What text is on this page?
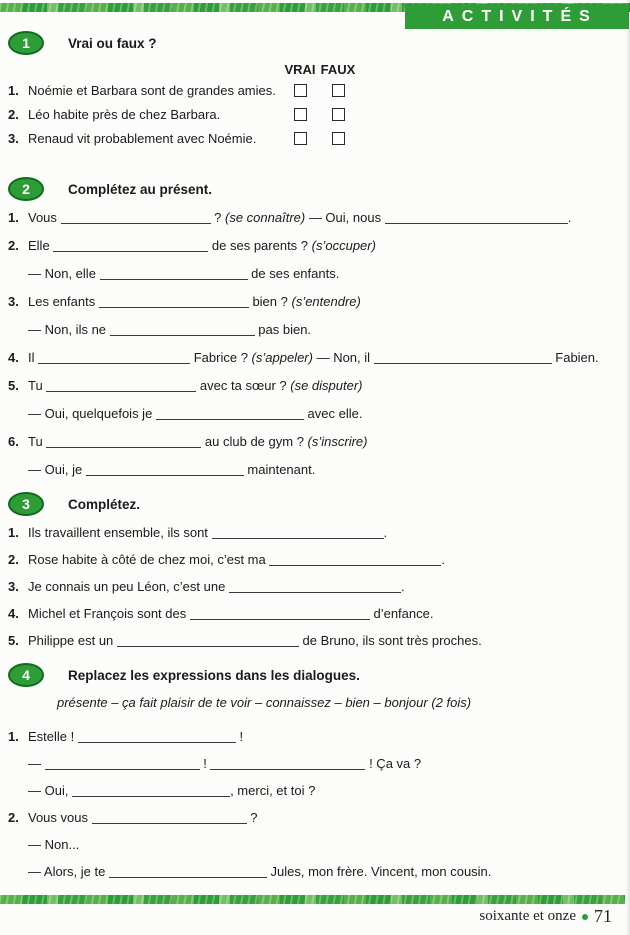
ACTIVITÉS
1	Vrai ou faux ?
VRAI FAUX
1. Noémie et Barbara sont de grandes amies.
2. Léo habite près de chez Barbara.
3. Renaud vit probablement avec Noémie.
2	Complétez au présent.
1. Vous	? (se connaître) — Oui, nous	.
2. Elle	de ses parents ? (s’occuper)
— Non, elle	de ses enfants.
3. Les enfants	bien ? (s’entendre)
— Non, ils ne	pas bien.
4. Il	Fabrice ? (s’appeler) — Non, il	Fabien.
5. Tu	avec ta sœur ? (se disputer)
— Oui, quelquefois je	avec elle.
6. Tu	au club de gym ? (s’inscrire)
— Oui, je	maintenant.
3	Complétez.
1. Ils travaillent ensemble, ils sont	.
2. Rose habite à côté de chez moi, c’est ma	.
3. Je connais un peu Léon, c’est une	.
4. Michel et François sont des	d’enfance.
5. Philippe est un	de Bruno, ils sont très proches.
4	Replacez les expressions dans les dialogues.
présente – ça fait plaisir de te voir – connaissez – bien – bonjour (2 fois)
1. Estelle !	!
—	!	! Ça va ?
— Oui,	, merci, et toi ?
2. Vous vous	?
— Non...
— Alors, je te	Jules, mon frère. Vincent, mon cousin.
soixante et onze 71
